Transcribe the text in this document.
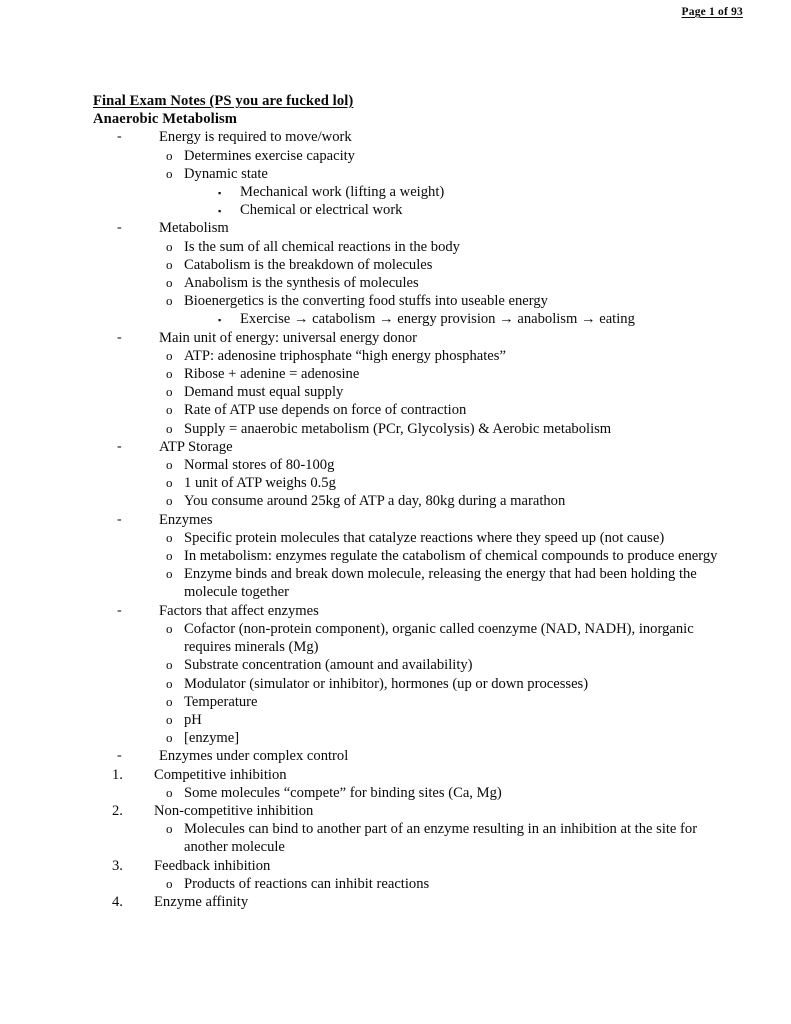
Page 1 of 93
Final Exam Notes (PS you are fucked lol)
Anaerobic Metabolism
-	Energy is required to move/work
o Determines exercise capacity
o Dynamic state
▪	Mechanical work (lifting a weight)
▪	Chemical or electrical work
-	Metabolism
o Is the sum of all chemical reactions in the body
o Catabolism is the breakdown of molecules
o Anabolism is the synthesis of molecules
o Bioenergetics is the converting food stuffs into useable energy
▪	Exercise → catabolism → energy provision → anabolism → eating
-	Main unit of energy: universal energy donor
o ATP: adenosine triphosphate “high energy phosphates”
o Ribose + adenine = adenosine
o Demand must equal supply
o Rate of ATP use depends on force of contraction
o Supply = anaerobic metabolism (PCr, Glycolysis) & Aerobic metabolism
-	ATP Storage
o Normal stores of 80-100g
o 1 unit of ATP weighs 0.5g
o You consume around 25kg of ATP a day, 80kg during a marathon
-	Enzymes
o Specific protein molecules that catalyze reactions where they speed up (not cause)
o In metabolism: enzymes regulate the catabolism of chemical compounds to produce energy
o Enzyme binds and break down molecule, releasing the energy that had been holding the molecule together
-	Factors that affect enzymes
o Cofactor (non-protein component), organic called coenzyme (NAD, NADH), inorganic requires minerals (Mg)
o Substrate concentration (amount and availability)
o Modulator (simulator or inhibitor), hormones (up or down processes)
o Temperature
o pH
o [enzyme]
-	Enzymes under complex control
1.	Competitive inhibition
o Some molecules “compete” for binding sites (Ca, Mg)
2.	Non-competitive inhibition
o Molecules can bind to another part of an enzyme resulting in an inhibition at the site for another molecule
3.	Feedback inhibition
o Products of reactions can inhibit reactions
4.	Enzyme affinity
